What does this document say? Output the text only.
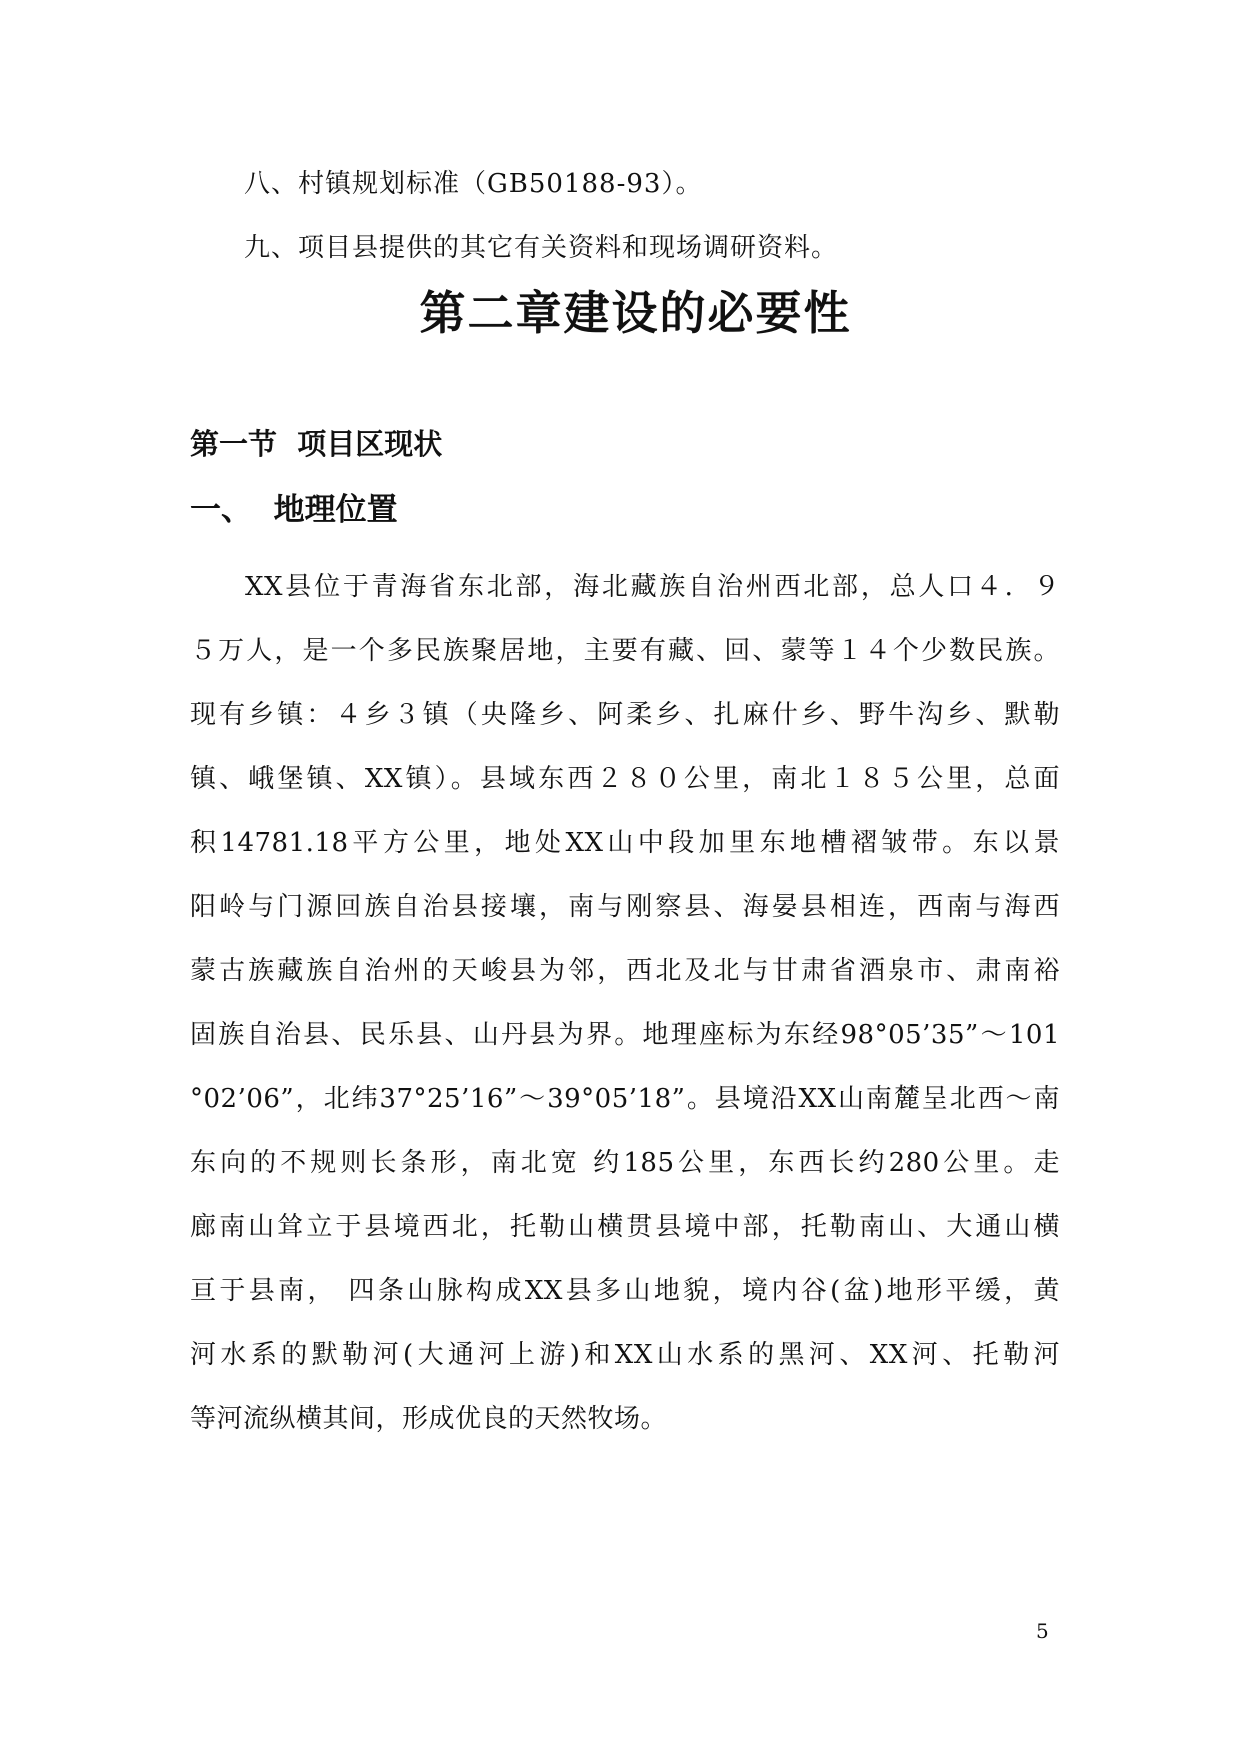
八、村镇规划标准（GB50188-93）。
九、项目县提供的其它有关资料和现场调研资料。
第二章建设的必要性
第一节  项目区现状
一、  地理位置
XX县位于青海省东北部，海北藏族自治州西北部，总人口４．９
５万人，是一个多民族聚居地，主要有藏、回、蒙等１４个少数民族。
现有乡镇：４乡３镇（央隆乡、阿柔乡、扎麻什乡、野牛沟乡、默勒
镇、峨堡镇、XX镇）。县域东西２８０公里，南北１８５公里，总面
积14781.18平方公里，地处XX山中段加里东地槽褶皱带。东以景
阳岭与门源回族自治县接壤，南与刚察县、海晏县相连，西南与海西
蒙古族藏族自治州的天峻县为邻，西北及北与甘肃省酒泉市、肃南裕
固族自治县、民乐县、山丹县为界。地理座标为东经98°05’35”～101
°02’06”，北纬37°25’16”～39°05’18”。县境沿XX山南麓呈北西～南
东向的不规则长条形，南北宽 约185公里，东西长约280公里。走
廊南山耸立于县境西北，托勒山横贯县境中部，托勒南山、大通山横
亘于县南， 四条山脉构成XX县多山地貌，境内谷(盆)地形平缓，黄
河水系的默勒河(大通河上游)和XX山水系的黑河、XX河、托勒河
等河流纵横其间，形成优良的天然牧场。
5
